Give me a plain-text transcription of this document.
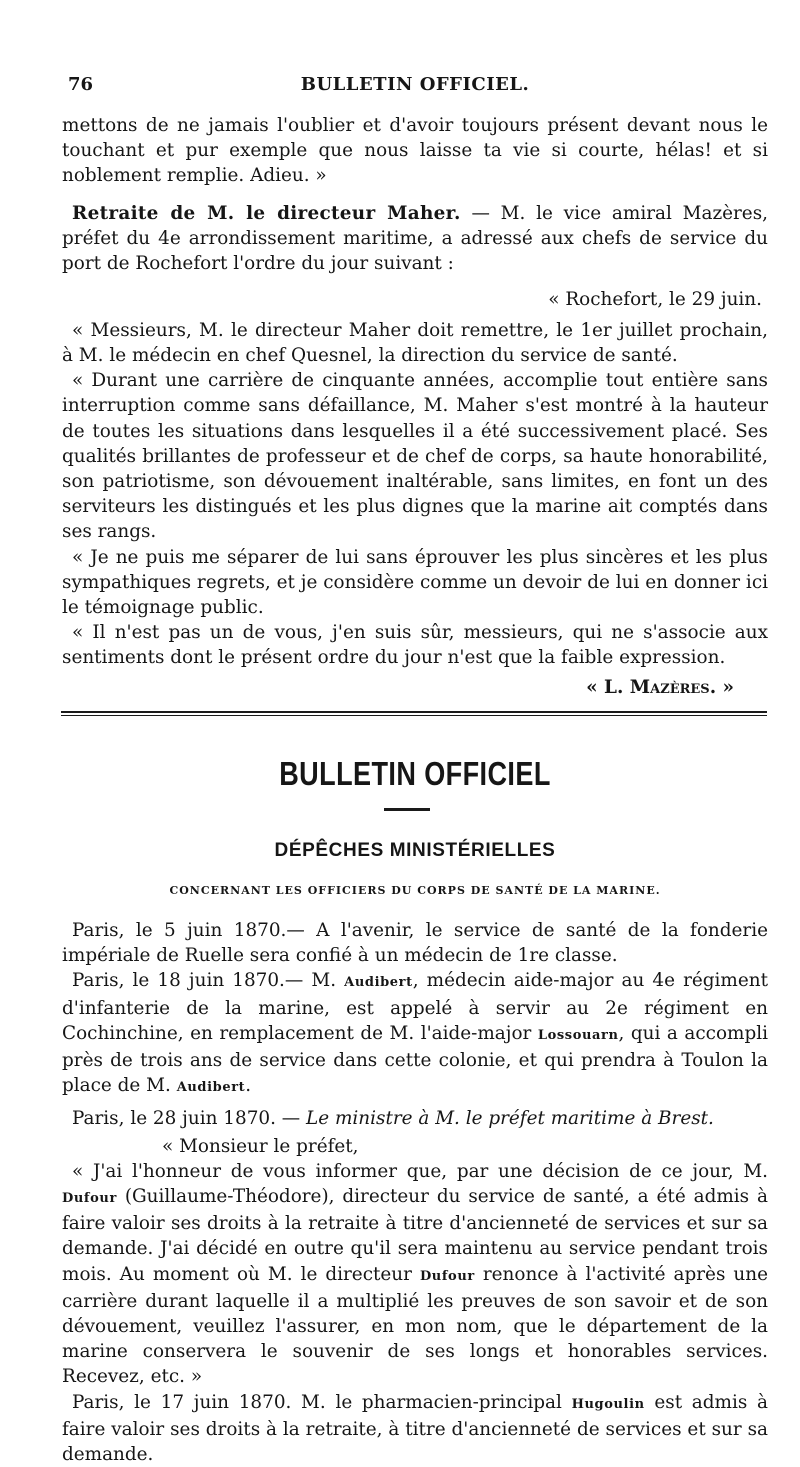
76	BULLETIN OFFICIEL.

mettons de ne jamais l'oublier et d'avoir toujours présent devant nous le touchant et pur exemple que nous laisse ta vie si courte, hélas! et si noblement remplie. Adieu. »

Retraite de M. le directeur Maher. — M. le vice amiral Mazères, préfet du 4e arrondissement maritime, a adressé aux chefs de service du port de Rochefort l'ordre du jour suivant :

« Rochefort, le 29 juin.

« Messieurs, M. le directeur Maher doit remettre, le 1er juillet prochain, à M. le médecin en chef Quesnel, la direction du service de santé.

« Durant une carrière de cinquante années, accomplie tout entière sans interruption comme sans défaillance, M. Maher s'est montré à la hauteur de toutes les situations dans lesquelles il a été successivement placé. Ses qualités brillantes de professeur et de chef de corps, sa haute honorabilité, son patriotisme, son dévouement inaltérable, sans limites, en font un des serviteurs les distingués et les plus dignes que la marine ait comptés dans ses rangs.

« Je ne puis me séparer de lui sans éprouver les plus sincères et les plus sympathiques regrets, et je considère comme un devoir de lui en donner ici le témoignage public.

« Il n'est pas un de vous, j'en suis sûr, messieurs, qui ne s'associe aux sentiments dont le présent ordre du jour n'est que la faible expression.

« L. Mazères. »

BULLETIN OFFICIEL
DÉPÊCHES MINISTÉRIELLES
CONCERNANT LES OFFICIERS DU CORPS DE SANTÉ DE LA MARINE.

Paris, le 5 juin 1870.— A l'avenir, le service de santé de la fonderie impériale de Ruelle sera confié à un médecin de 1re classe.

Paris, le 18 juin 1870.— M. Audibert, médecin aide-major au 4e régiment d'infanterie de la marine, est appelé à servir au 2e régiment en Cochinchine, en remplacement de M. l'aide-major Lossouarn, qui a accompli près de trois ans de service dans cette colonie, et qui prendra à Toulon la place de M. Audibert.

Paris, le 28 juin 1870. — Le ministre à M. le préfet maritime à Brest.

« Monsieur le préfet,

« J'ai l'honneur de vous informer que, par une décision de ce jour, M. Dufour (Guillaume-Théodore), directeur du service de santé, a été admis à faire valoir ses droits à la retraite à titre d'ancienneté de services et sur sa demande. J'ai décidé en outre qu'il sera maintenu au service pendant trois mois. Au moment où M. le directeur Dufour renonce à l'activité après une carrière durant laquelle il a multiplié les preuves de son savoir et de son dévouement, veuillez l'assurer, en mon nom, que le département de la marine conservera le souvenir de ses longs et honorables services. Recevez, etc. »

Paris, le 17 juin 1870. M. le pharmacien-principal Hugoulin est admis à faire valoir ses droits à la retraite, à titre d'ancienneté de services et sur sa demande.
